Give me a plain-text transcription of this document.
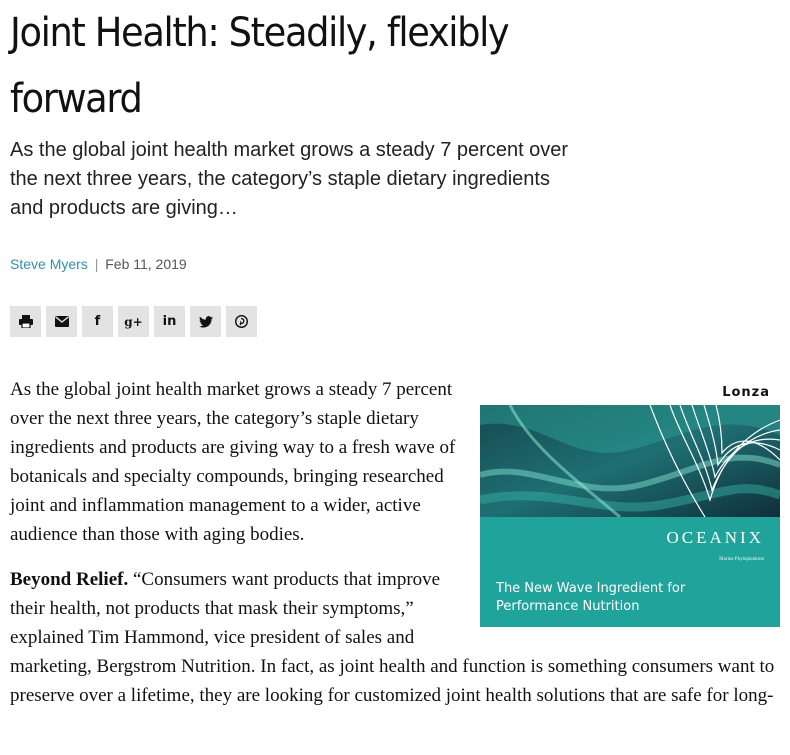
Joint Health: Steadily, flexibly forward

As the global joint health market grows a steady 7 percent over the next three years, the category’s staple dietary ingredients and products are giving…

Steve Myers | Feb 11, 2019
f g+ in
Lonza
OCEANIX
Marine Phytoplankton
The New Wave Ingredient for Performance Nutrition

As the global joint health market grows a steady 7 percent over the next three years, the category’s staple dietary ingredients and products are giving way to a fresh wave of botanicals and specialty compounds, bringing researched joint and inflammation management to a wider, active audience than those with aging bodies.

Beyond Relief. “Consumers want products that improve their health, not products that mask their symptoms,” explained Tim Hammond, vice president of sales and marketing, Bergstrom Nutrition. In fact, as joint health and function is something consumers want to preserve over a lifetime, they are looking for customized joint health solutions that are safe for long-
